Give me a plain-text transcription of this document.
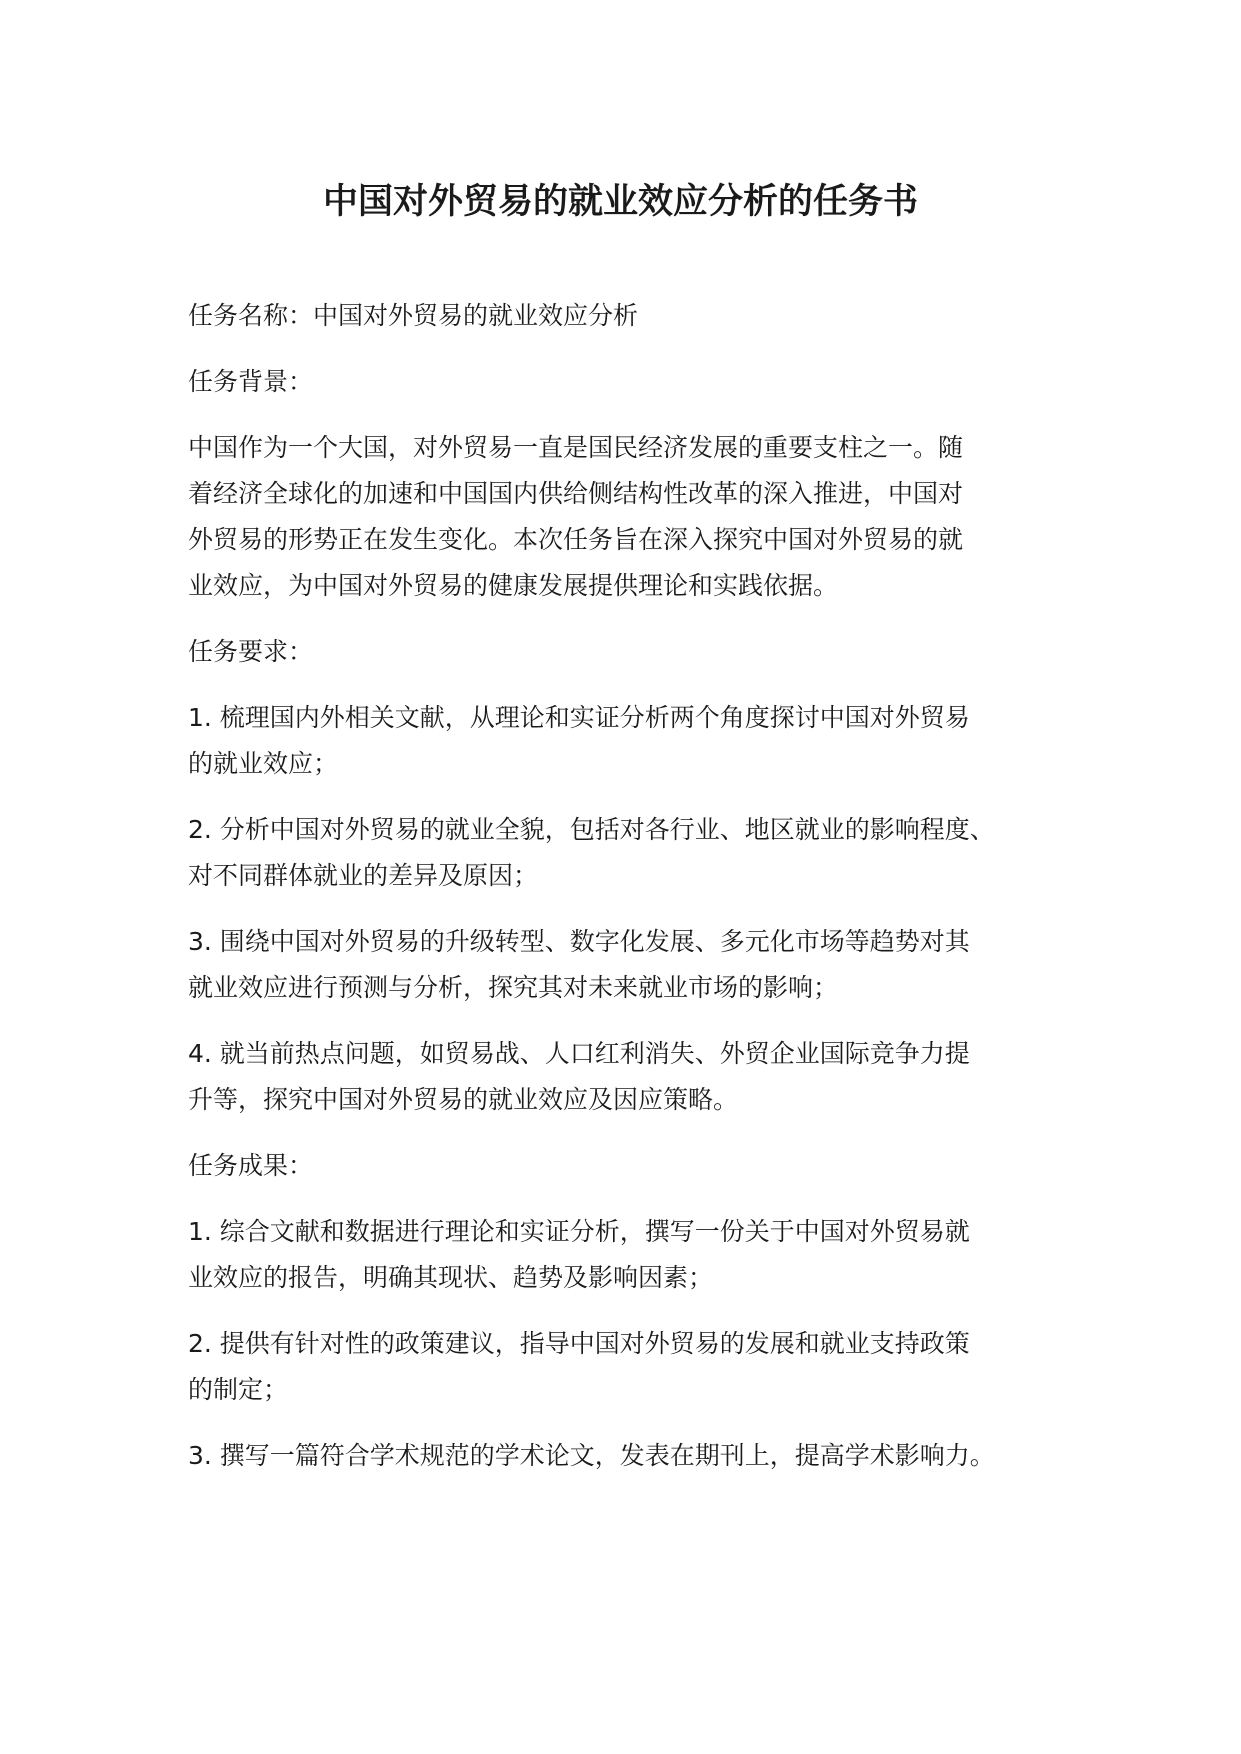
中国对外贸易的就业效应分析的任务书

任务名称：中国对外贸易的就业效应分析

任务背景：

中国作为一个大国，对外贸易一直是国民经济发展的重要支柱之一。随
着经济全球化的加速和中国国内供给侧结构性改革的深入推进，中国对
外贸易的形势正在发生变化。本次任务旨在深入探究中国对外贸易的就
业效应，为中国对外贸易的健康发展提供理论和实践依据。

任务要求：

1. 梳理国内外相关文献，从理论和实证分析两个角度探讨中国对外贸易
的就业效应；

2. 分析中国对外贸易的就业全貌，包括对各行业、地区就业的影响程度、
对不同群体就业的差异及原因；

3. 围绕中国对外贸易的升级转型、数字化发展、多元化市场等趋势对其
就业效应进行预测与分析，探究其对未来就业市场的影响；

4. 就当前热点问题，如贸易战、人口红利消失、外贸企业国际竞争力提
升等，探究中国对外贸易的就业效应及因应策略。

任务成果：

1. 综合文献和数据进行理论和实证分析，撰写一份关于中国对外贸易就
业效应的报告，明确其现状、趋势及影响因素；

2. 提供有针对性的政策建议，指导中国对外贸易的发展和就业支持政策
的制定；

3. 撰写一篇符合学术规范的学术论文，发表在期刊上，提高学术影响力。
